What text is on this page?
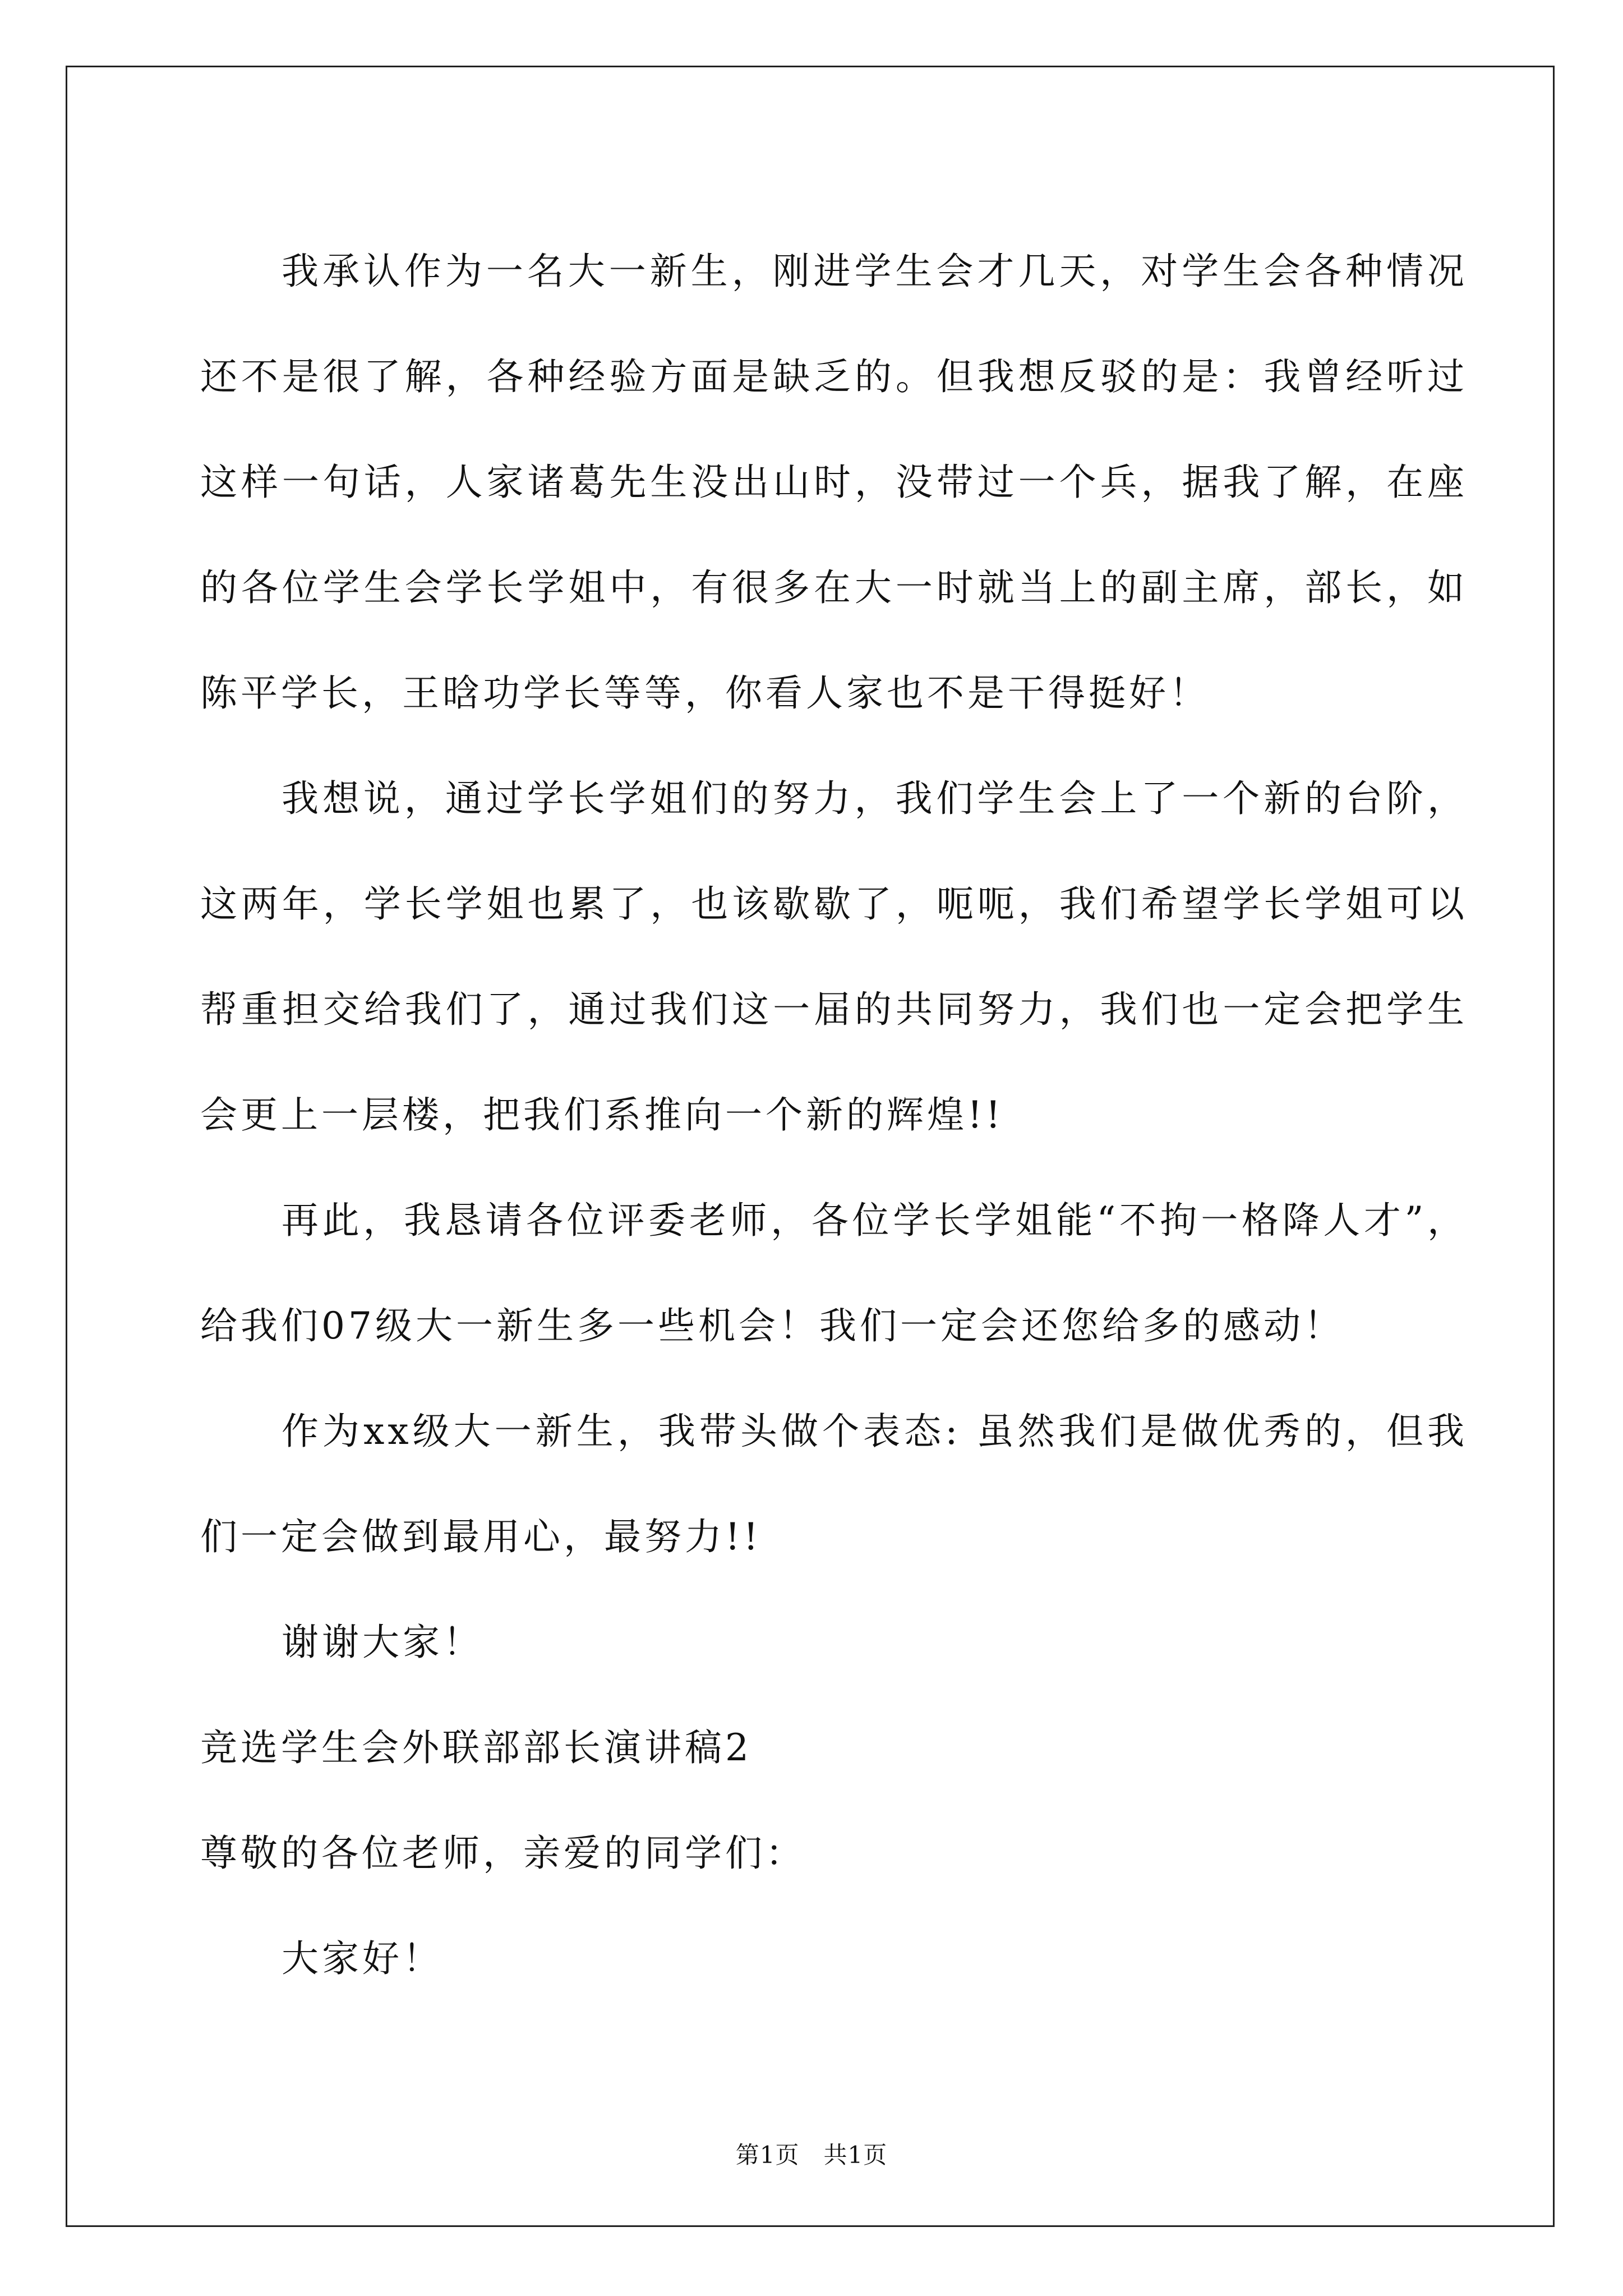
我承认作为一名大一新生，刚进学生会才几天，对学生会各种情况还不是很了解，各种经验方面是缺乏的。但我想反驳的是：我曾经听过这样一句话，人家诸葛先生没出山时，没带过一个兵，据我了解，在座的各位学生会学长学姐中，有很多在大一时就当上的副主席，部长，如陈平学长，王晗功学长等等，你看人家也不是干得挺好！

我想说，通过学长学姐们的努力，我们学生会上了一个新的台阶，这两年，学长学姐也累了，也该歇歇了，呃呃，我们希望学长学姐可以帮重担交给我们了，通过我们这一届的共同努力，我们也一定会把学生会更上一层楼，把我们系推向一个新的辉煌!!

再此，我恳请各位评委老师，各位学长学姐能“不拘一格降人才”，给我们07级大一新生多一些机会！我们一定会还您给多的感动！

作为xx级大一新生，我带头做个表态: 虽然我们是做优秀的，但我们一定会做到最用心，最努力!!

谢谢大家！

竞选学生会外联部部长演讲稿2

尊敬的各位老师，亲爱的同学们：

大家好！

第1页　共1页
